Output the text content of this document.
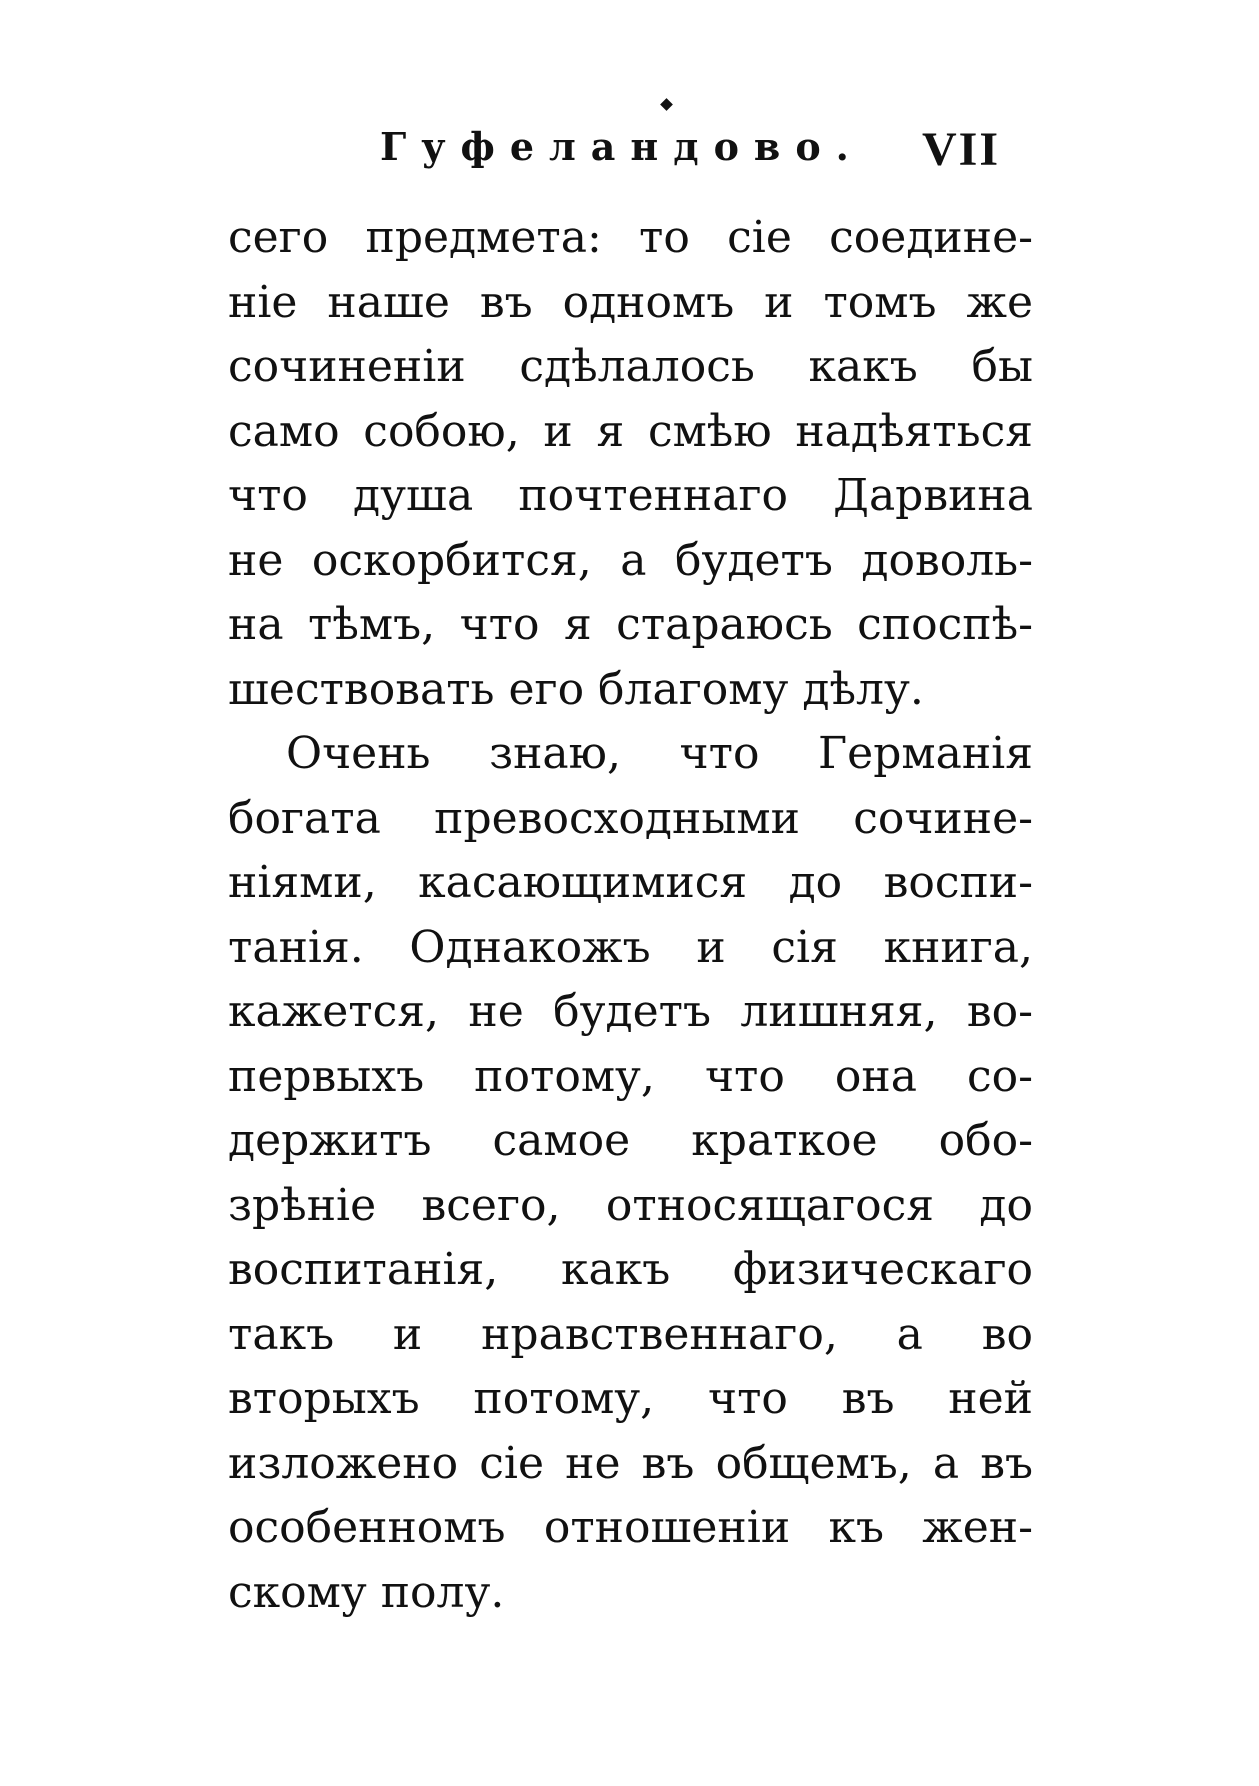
Гуфеландово. VII
сего предмета: то сіе соедине-
ніе наше въ одномъ и томъ же
сочиненіи сдѣлалось какъ бы
само собою, и я смѣю надѣяться
что душа почтеннаго Дарвина
не оскорбится, а будетъ доволь-
на тѣмъ, что я стараюсь споспѣ-
шествовать его благому дѣлу.
Очень знаю, что Германія
богата превосходными сочине-
ніями, касающимися до воспи-
танія. Однакожъ и сія книга,
кажется, не будетъ лишняя, во-
первыхъ потому, что она со-
держитъ самое краткое обо-
зрѣніе всего, относящагося до
воспитанія, какъ физическаго
такъ и нравственнаго, а во
вторыхъ потому, что въ ней
изложено сіе не въ общемъ, а въ
особенномъ отношеніи къ жен-
скому полу.
